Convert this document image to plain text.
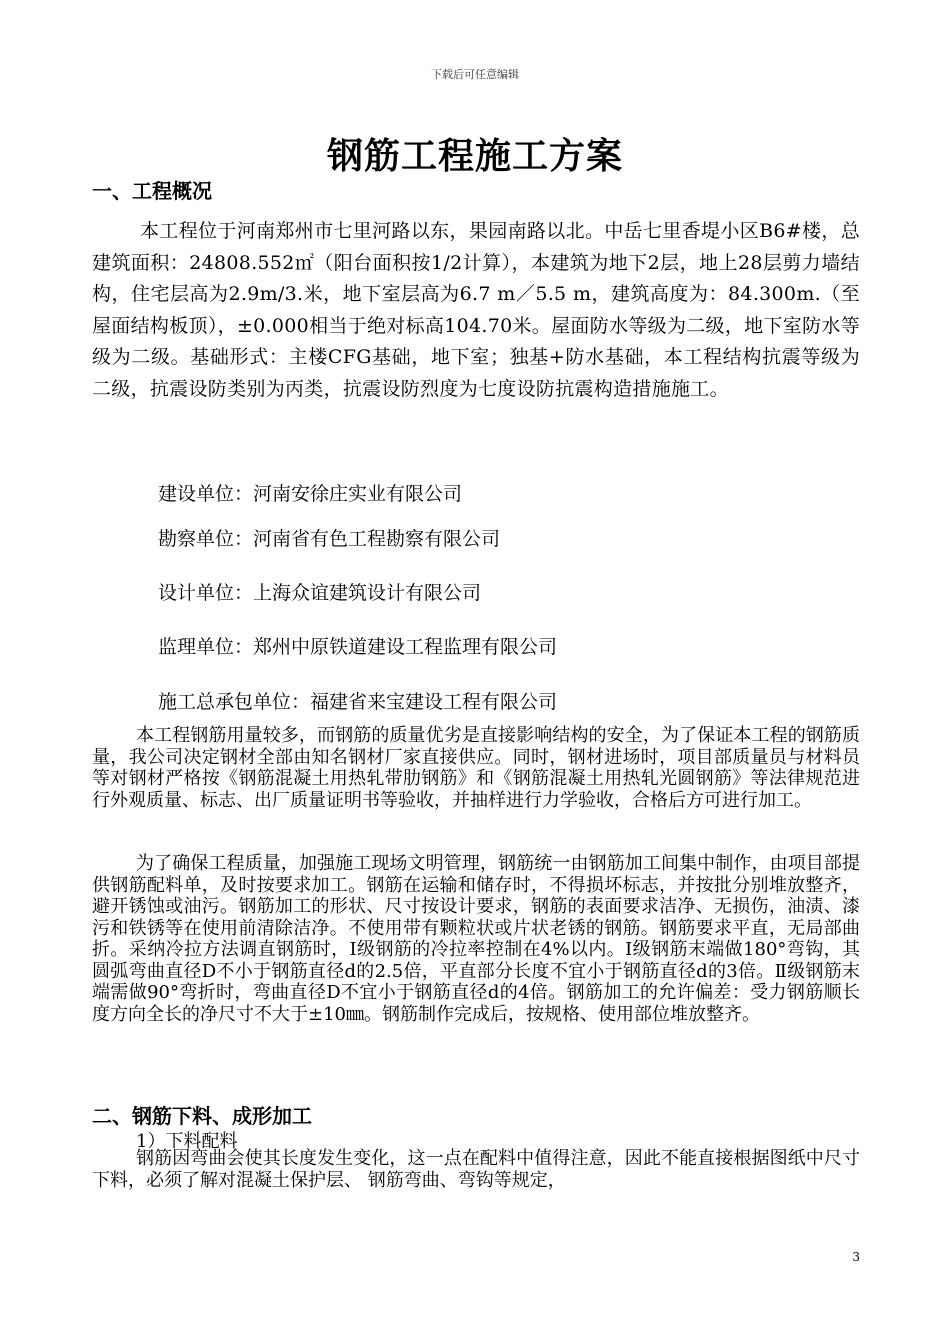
下载后可任意编辑
钢筋工程施工方案
一、工程概况

本工程位于河南郑州市七里河路以东，果园南路以北。中岳七里香堤小区B6#楼，总建筑面积：24808.552㎡（阳台面积按1/2计算），本建筑为地下2层，地上28层剪力墙结构，住宅层高为2.9m/3.米，地下室层高为6.7 m／5.5 m，建筑高度为：84.300m.（至屋面结构板顶），±0.000相当于绝对标高104.70米。屋面防水等级为二级，地下室防水等级为二级。基础形式：主楼CFG基础，地下室；独基+防水基础，本工程结构抗震等级为二级，抗震设防类别为丙类，抗震设防烈度为七度设防抗震构造措施施工。

建设单位：河南安徐庄实业有限公司

勘察单位：河南省有色工程勘察有限公司

设计单位：上海众谊建筑设计有限公司

监理单位：郑州中原铁道建设工程监理有限公司

施工总承包单位：福建省来宝建设工程有限公司

本工程钢筋用量较多，而钢筋的质量优劣是直接影响结构的安全，为了保证本工程的钢筋质量，我公司决定钢材全部由知名钢材厂家直接供应。同时，钢材进场时，项目部质量员与材料员等对钢材严格按《钢筋混凝土用热轧带肋钢筋》和《钢筋混凝土用热轧光圆钢筋》等法律规范进行外观质量、标志、出厂质量证明书等验收，并抽样进行力学验收，合格后方可进行加工。

为了确保工程质量，加强施工现场文明管理，钢筋统一由钢筋加工间集中制作，由项目部提供钢筋配料单，及时按要求加工。钢筋在运输和储存时，不得损坏标志，并按批分别堆放整齐，避开锈蚀或油污。钢筋加工的形状、尺寸按设计要求，钢筋的表面要求洁净、无损伤，油渍、漆污和铁锈等在使用前清除洁净。不使用带有颗粒状或片状老锈的钢筋。钢筋要求平直，无局部曲折。采纳冷拉方法调直钢筋时，Ⅰ级钢筋的冷拉率控制在4%以内。Ⅰ级钢筋末端做180°弯钩，其圆弧弯曲直径D不小于钢筋直径d的2.5倍，平直部分长度不宜小于钢筋直径d的3倍。Ⅱ级钢筋末端需做90°弯折时，弯曲直径D不宜小于钢筋直径d的4倍。钢筋加工的允许偏差：受力钢筋顺长度方向全长的净尺寸不大于±10㎜。钢筋制作完成后，按规格、使用部位堆放整齐。

二、钢筋下料、成形加工

1）下料配料

钢筋因弯曲会使其长度发生变化，这一点在配料中值得注意，因此不能直接根据图纸中尺寸下料，必须了解对混凝土保护层、 钢筋弯曲、弯钩等规定，

3
